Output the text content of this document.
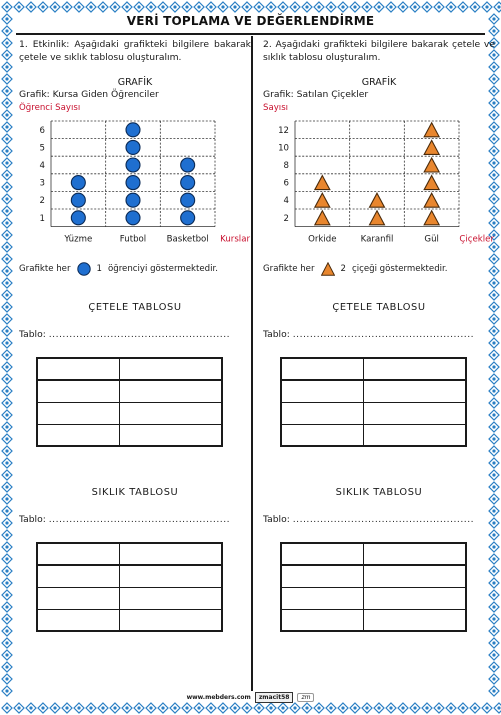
VERİ TOPLAMA VE DEĞERLENDİRME
1. Etkinlik: Aşağıdaki grafikteki bilgilere bakarak çetele ve sıklık tablosu oluşturalım.
GRAFİK
Grafik: Kursa Giden Öğrenciler
Öğrenci Sayısı
1
2
3
4
5
6
Yüzme	Futbol Basketbol Kurslar
Grafikte her	1 öğrenciyi göstermektedir.
ÇETELE TABLOSU
Tablo: .....................................................

SIKLIK TABLOSU
Tablo: .....................................................

2. Aşağıdaki grafikteki bilgilere bakarak çetele ve sıklık tablosu oluşturalım.
GRAFİK
Grafik: Satılan Çiçekler
Sayısı
2
4
6
8
10
12
Orkide	Karanfil	Gül Çiçekler
Grafikte her	2 çiçeği göstermektedir.
ÇETELE TABLOSU
Tablo: .....................................................

SIKLIK TABLOSU
Tablo: .....................................................

www.mebders.com	zmacit58	zm
